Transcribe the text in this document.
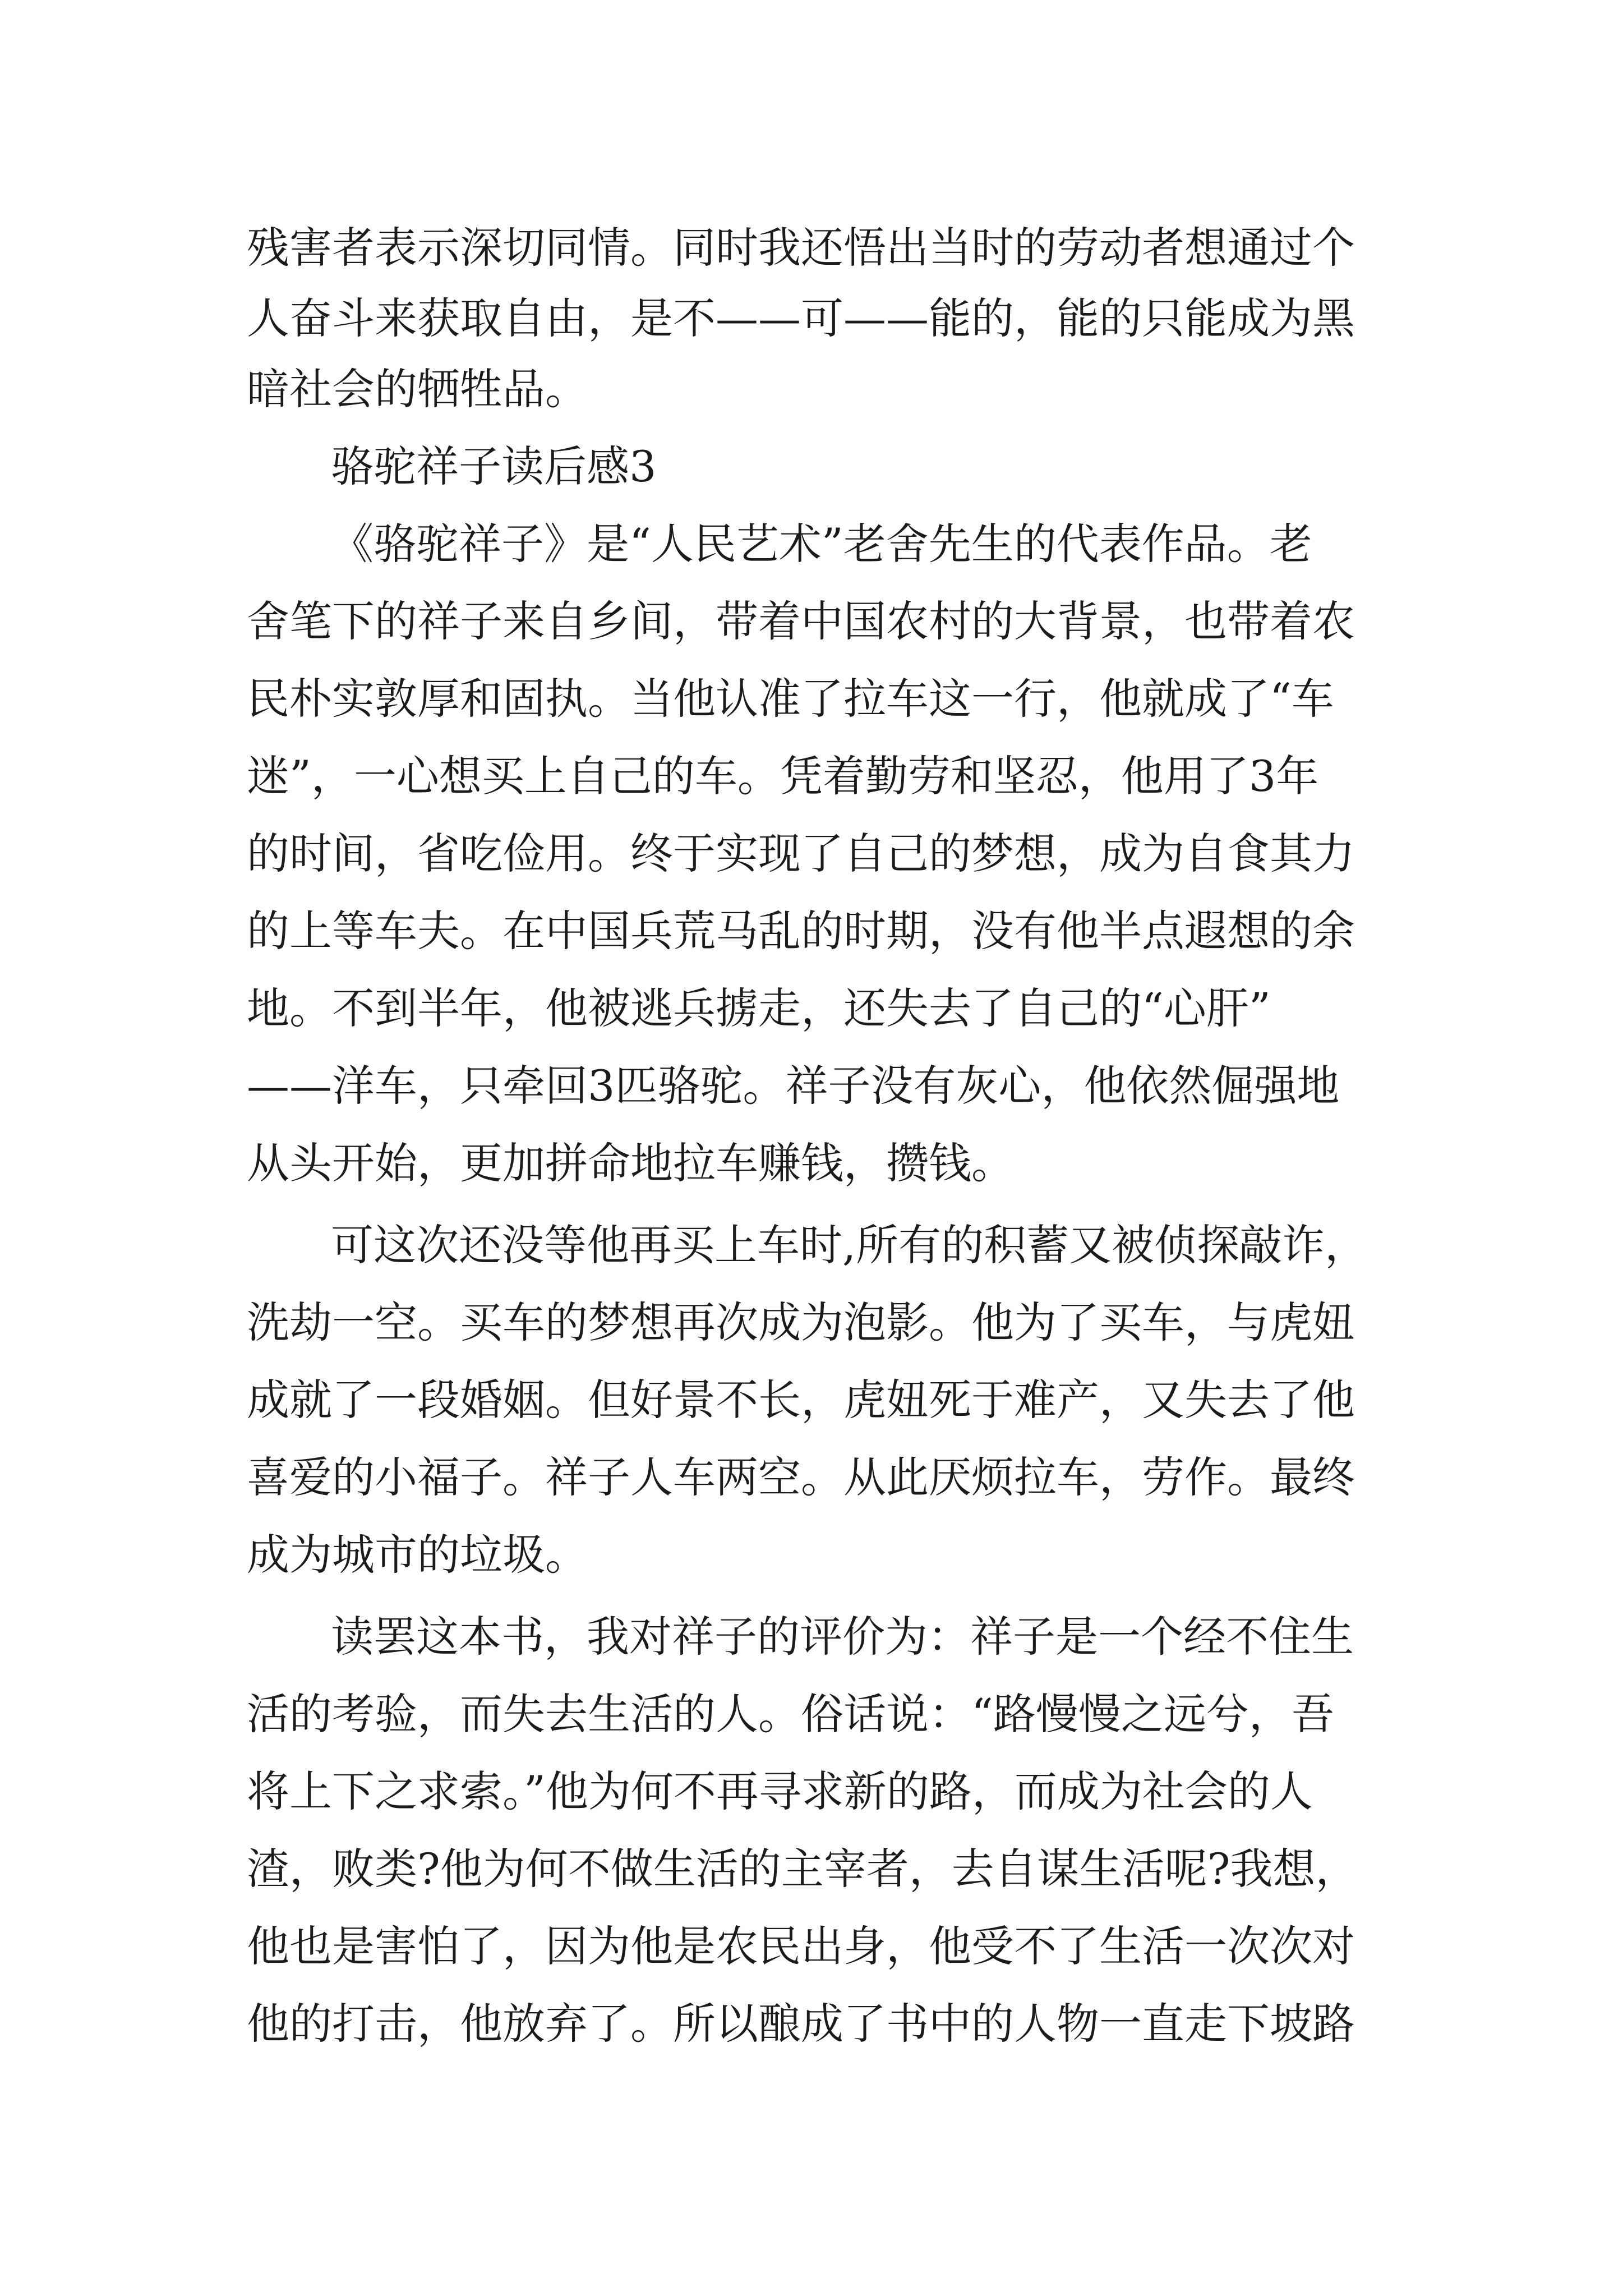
残害者表示深切同情。同时我还悟出当时的劳动者想通过个
人奋斗来获取自由，是不——可——能的，能的只能成为黑
暗社会的牺牲品。
骆驼祥子读后感3
《骆驼祥子》是“人民艺术”老舍先生的代表作品。老
舍笔下的祥子来自乡间，带着中国农村的大背景，也带着农
民朴实敦厚和固执。当他认准了拉车这一行，他就成了“车
迷”，一心想买上自己的车。凭着勤劳和坚忍，他用了3年
的时间，省吃俭用。终于实现了自己的梦想，成为自食其力
的上等车夫。在中国兵荒马乱的时期，没有他半点遐想的余
地。不到半年，他被逃兵掳走，还失去了自己的“心肝”
——洋车，只牵回3匹骆驼。祥子没有灰心，他依然倔强地
从头开始，更加拼命地拉车赚钱，攒钱。
可这次还没等他再买上车时,所有的积蓄又被侦探敲诈，
洗劫一空。买车的梦想再次成为泡影。他为了买车，与虎妞
成就了一段婚姻。但好景不长，虎妞死于难产，又失去了他
喜爱的小福子。祥子人车两空。从此厌烦拉车，劳作。最终
成为城市的垃圾。
读罢这本书，我对祥子的评价为：祥子是一个经不住生
活的考验，而失去生活的人。俗话说：“路慢慢之远兮，吾
将上下之求索。”他为何不再寻求新的路，而成为社会的人
渣，败类?他为何不做生活的主宰者，去自谋生活呢?我想，
他也是害怕了，因为他是农民出身，他受不了生活一次次对
他的打击，他放弃了。所以酿成了书中的人物一直走下坡路
